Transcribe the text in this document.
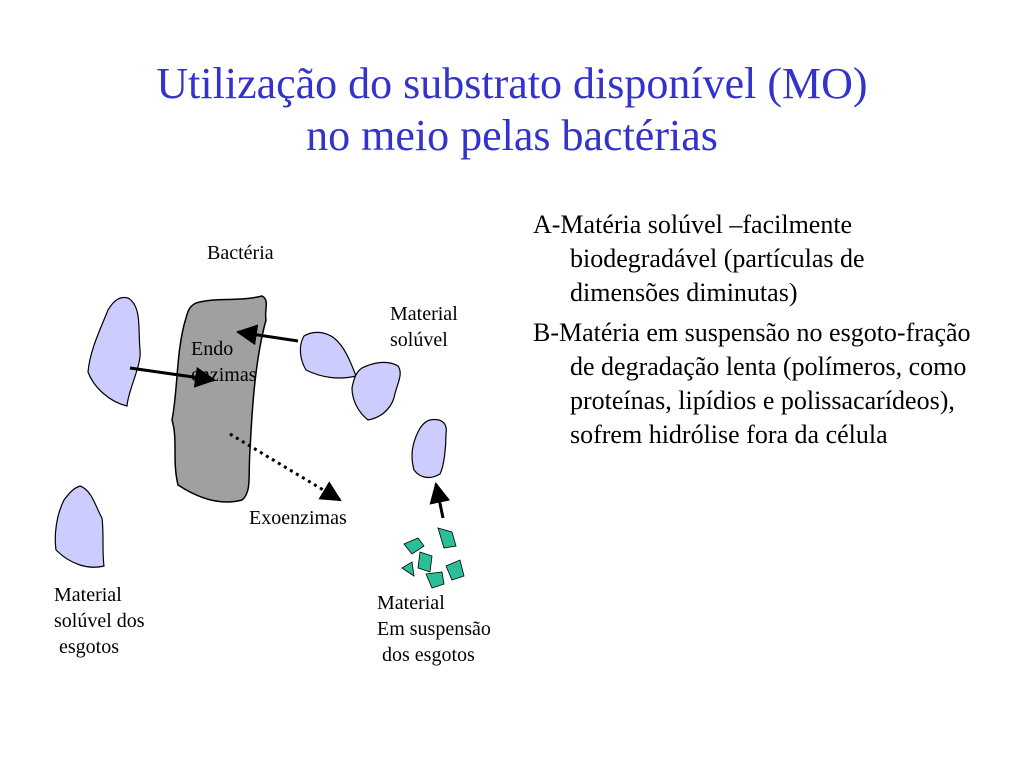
Utilização do substrato disponível (MO)
no meio pelas bactérias
Bactéria
Endo
enzimas
Material
solúvel
Exoenzimas
Material
solúvel dos
esgotos
Material
Em suspensão
dos esgotos
A-Matéria solúvel –facilmente biodegradável (partículas de dimensões diminutas)
B-Matéria em suspensão no esgoto-fração de degradação lenta (polímeros, como proteínas, lipídios e polissacarídeos), sofrem hidrólise fora da célula
